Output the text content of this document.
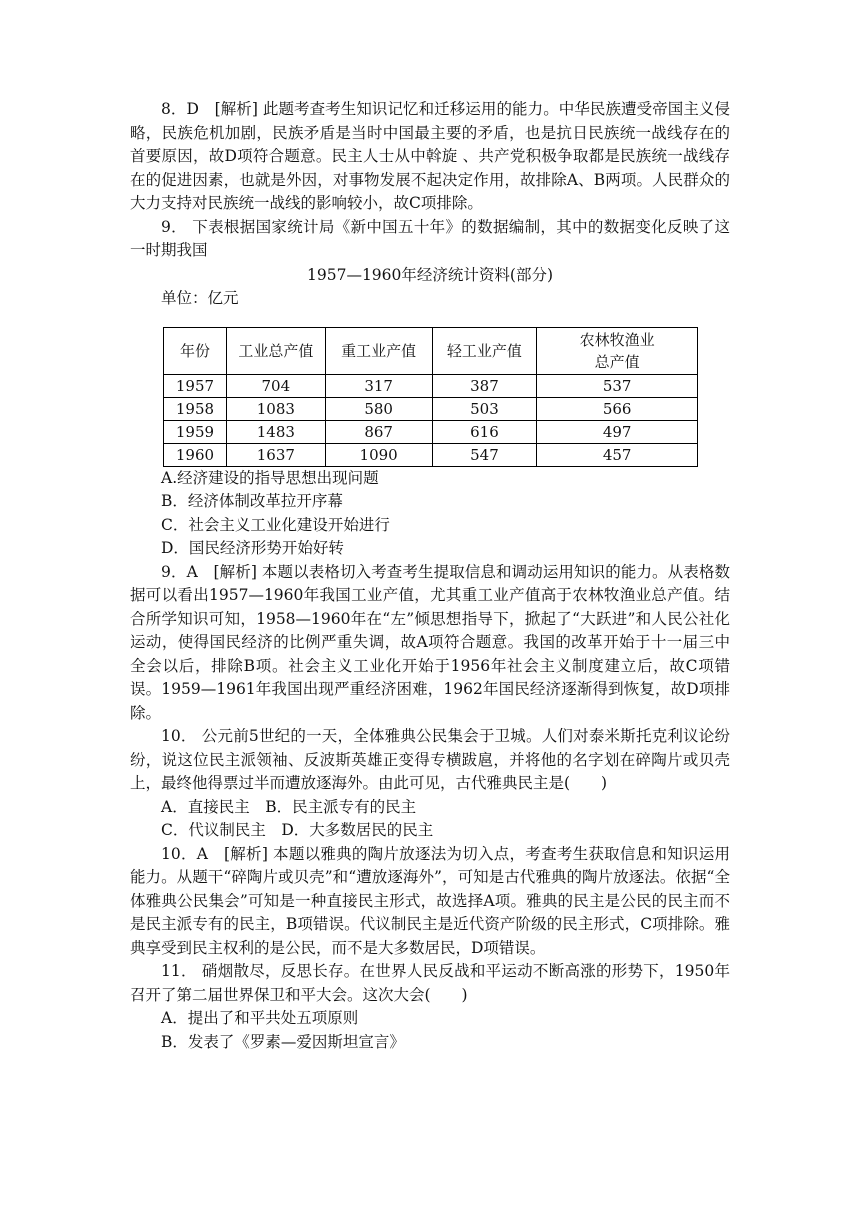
8．D　[解析] 此题考查考生知识记忆和迁移运用的能力。中华民族遭受帝国主义侵略，民族危机加剧，民族矛盾是当时中国最主要的矛盾，也是抗日民族统一战线存在的首要原因，故D项符合题意。民主人士从中斡旋 、共产党积极争取都是民族统一战线存在的促进因素，也就是外因，对事物发展不起决定作用，故排除A、B两项。人民群众的大力支持对民族统一战线的影响较小，故C项排除。

9． 下表根据国家统计局《新中国五十年》的数据编制，其中的数据变化反映了这一时期我国

1957—1960年经济统计资料(部分)

单位：亿元

年份	工业总产值	重工业产值	轻工业产值	农林牧渔业
总产值
1957	704	317	387	537
1958	1083	580	503	566
1959	1483	867	616	497
1960	1637	1090	547	457

A.经济建设的指导思想出现问题

B．经济体制改革拉开序幕

C．社会主义工业化建设开始进行

D．国民经济形势开始好转

9．A　[解析] 本题以表格切入考查考生提取信息和调动运用知识的能力。从表格数据可以看出1957—1960年我国工业产值，尤其重工业产值高于农林牧渔业总产值。结合所学知识可知，1958—1960年在“左”倾思想指导下，掀起了“大跃进”和人民公社化运动，使得国民经济的比例严重失调，故A项符合题意。我国的改革开始于十一届三中全会以后，排除B项。社会主义工业化开始于1956年社会主义制度建立后，故C项错误。1959—1961年我国出现严重经济困难，1962年国民经济逐渐得到恢复，故D项排除。

10． 公元前5世纪的一天，全体雅典公民集会于卫城。人们对泰米斯托克利议论纷纷，说这位民主派领袖、反波斯英雄正变得专横跋扈，并将他的名字划在碎陶片或贝壳上，最终他得票过半而遭放逐海外。由此可见，古代雅典民主是(　　)

A．直接民主　B．民主派专有的民主

C．代议制民主　D．大多数居民的民主

10．A　[解析] 本题以雅典的陶片放逐法为切入点，考查考生获取信息和知识运用能力。从题干“碎陶片或贝壳”和“遭放逐海外”，可知是古代雅典的陶片放逐法。依据“全体雅典公民集会”可知是一种直接民主形式，故选择A项。雅典的民主是公民的民主而不是民主派专有的民主，B项错误。代议制民主是近代资产阶级的民主形式，C项排除。雅典享受到民主权利的是公民，而不是大多数居民，D项错误。

11． 硝烟散尽，反思长存。在世界人民反战和平运动不断高涨的形势下，1950年召开了第二届世界保卫和平大会。这次大会(　　)

A．提出了和平共处五项原则

B．发表了《罗素—爱因斯坦宣言》
